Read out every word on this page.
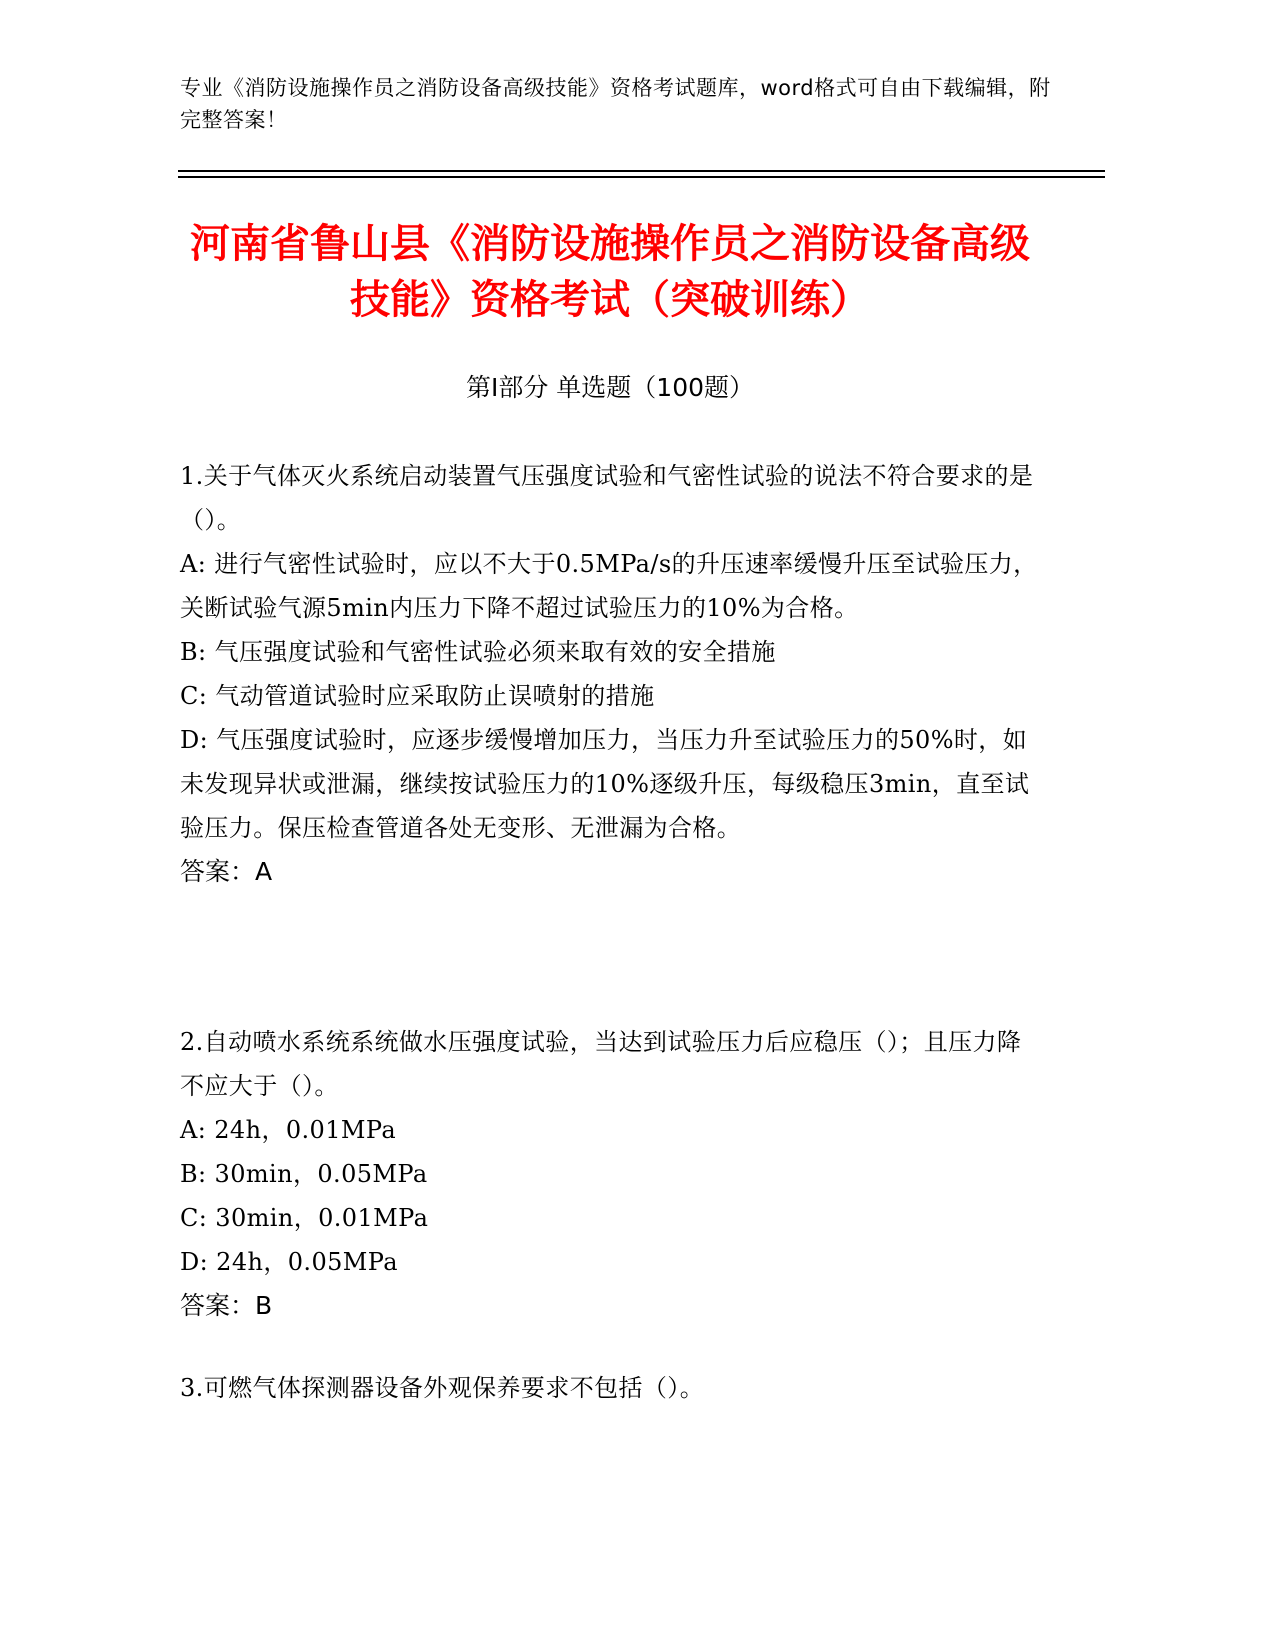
专业《消防设施操作员之消防设备高级技能》资格考试题库，word格式可自由下载编辑，附完整答案！

河南省鲁山县《消防设施操作员之消防设备高级技能》资格考试（突破训练）
第Ⅰ部分 单选题（100题）

1.关于气体灭火系统启动装置气压强度试验和气密性试验的说法不符合要求的是（）。

A: 进行气密性试验时，应以不大于0.5MPa/s的升压速率缓慢升压至试验压力，关断试验气源5min内压力下降不超过试验压力的10%为合格。

B: 气压强度试验和气密性试验必须来取有效的安全措施

C: 气动管道试验时应采取防止误喷射的措施

D: 气压强度试验时，应逐步缓慢增加压力，当压力升至试验压力的50%时，如未发现异状或泄漏，继续按试验压力的10%逐级升压，每级稳压3min，直至试验压力。保压检查管道各处无变形、无泄漏为合格。

答案：A

2.自动喷水系统系统做水压强度试验，当达到试验压力后应稳压（）；且压力降不应大于（）。

A: 24h，0.01MPa

B: 30min，0.05MPa

C: 30min，0.01MPa

D: 24h，0.05MPa

答案：B

3.可燃气体探测器设备外观保养要求不包括（）。
